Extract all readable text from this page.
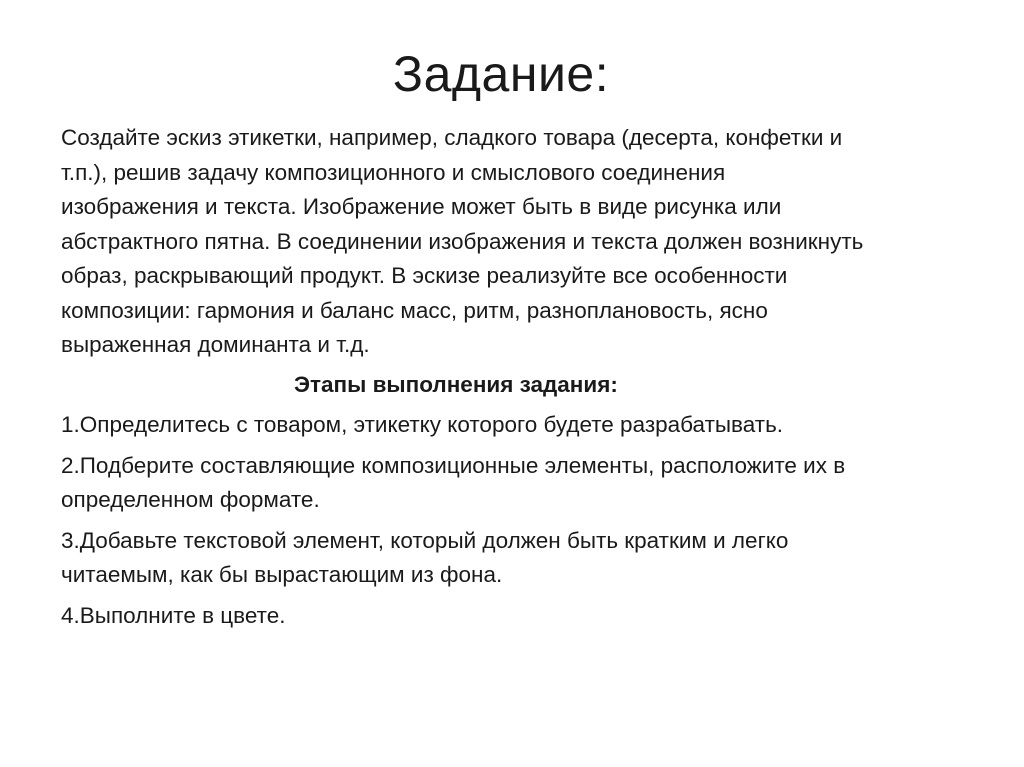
Задание:

Создайте эскиз этикетки, например, сладкого товара (десерта, конфетки и
т.п.), решив задачу композиционного и смыслового соединения
изображения и текста. Изображение может быть в виде рисунка или
абстрактного пятна. В соединении изображения и текста должен возникнуть
образ, раскрывающий продукт. В эскизе реализуйте все особенности
композиции: гармония и баланс масс, ритм, разноплановость, ясно
выраженная доминанта и т.д.

Этапы выполнения задания:

1.Определитесь с товаром, этикетку которого будете разрабатывать.
2.Подберите составляющие композиционные элементы, расположите их в
определенном формате.
3.Добавьте текстовой элемент, который должен быть кратким и легко
читаемым, как бы вырастающим из фона.
4.Выполните в цвете.
